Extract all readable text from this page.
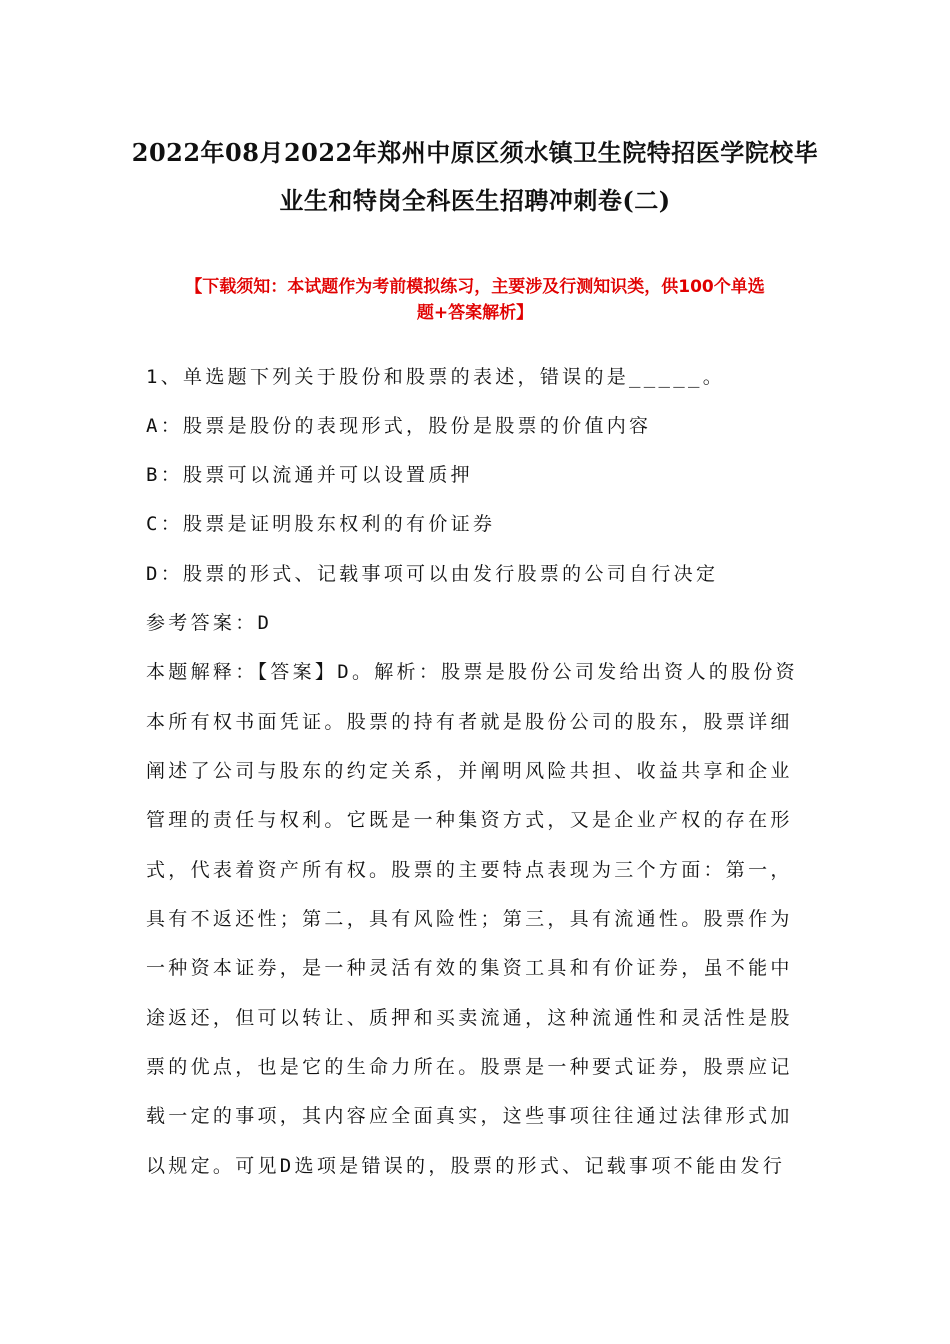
2022年08月2022年郑州中原区须水镇卫生院特招医学院校毕
业生和特岗全科医生招聘冲刺卷(二)
【下载须知：本试题作为考前模拟练习，主要涉及行测知识类，供100个单选
题+答案解析】
1、单选题下列关于股份和股票的表述，错误的是_____。
A：股票是股份的表现形式，股份是股票的价值内容
B：股票可以流通并可以设置质押
C：股票是证明股东权利的有价证券
D：股票的形式、记载事项可以由发行股票的公司自行决定
参考答案：D
本题解释：【答案】D。解析：股票是股份公司发给出资人的股份资
本所有权书面凭证。股票的持有者就是股份公司的股东，股票详细
阐述了公司与股东的约定关系，并阐明风险共担、收益共享和企业
管理的责任与权利。它既是一种集资方式，又是企业产权的存在形
式，代表着资产所有权。股票的主要特点表现为三个方面：第一，
具有不返还性；第二，具有风险性；第三，具有流通性。股票作为
一种资本证券，是一种灵活有效的集资工具和有价证券，虽不能中
途返还，但可以转让、质押和买卖流通，这种流通性和灵活性是股
票的优点，也是它的生命力所在。股票是一种要式证券，股票应记
载一定的事项，其内容应全面真实，这些事项往往通过法律形式加
以规定。可见D选项是错误的，股票的形式、记载事项不能由发行
